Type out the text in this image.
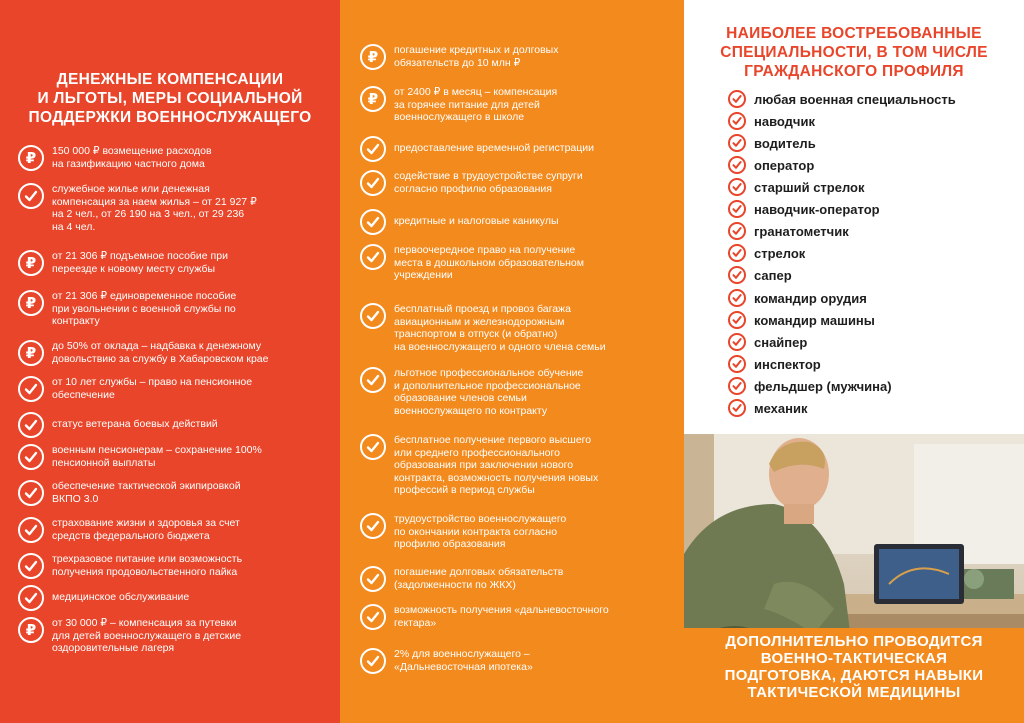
ДЕНЕЖНЫЕ КОМПЕНСАЦИИ
И ЛЬГОТЫ, МЕРЫ СОЦИАЛЬНОЙ
ПОДДЕРЖКИ ВОЕННОСЛУЖАЩЕГО
₽	150 000 ₽ возмещение расходов
на газификацию частного дома
служебное жилье или денежная
компенсация за наем жилья – от 21 927 ₽
на 2 чел., от 26 190 на 3 чел., от 29 236
на 4 чел.
₽	от 21 306 ₽ подъемное пособие при
переезде к новому месту службы
₽	от 21 306 ₽ единовременное пособие
при увольнении с военной службы по
контракту
₽	до 50% от оклада – надбавка к денежному
довольствию за службу в Хабаровском крае
от 10 лет службы – право на пенсионное
обеспечение
статус ветерана боевых действий
военным пенсионерам – сохранение 100%
пенсионной выплаты
обеспечение тактической экипировкой
ВКПО 3.0
страхование жизни и здоровья за счет
средств федерального бюджета
трехразовое питание или возможность
получения продовольственного пайка
медицинское обслуживание
₽	от 30 000 ₽ – компенсация за путевки
для детей военнослужащего в детские
оздоровительные лагеря
₽	погашение кредитных и долговых
обязательств до 10 млн ₽
₽	от 2400 ₽ в месяц – компенсация
за горячее питание для детей
военнослужащего в школе
предоставление временной регистрации
содействие в трудоустройстве супруги
согласно профилю образования
кредитные и налоговые каникулы
первоочередное право на получение
места в дошкольном образовательном
учреждении
бесплатный проезд и провоз багажа
авиационным и железнодорожным
транспортом в отпуск (и обратно)
на военнослужащего и одного члена семьи
льготное профессиональное обучение
и дополнительное профессиональное
образование членов семьи
военнослужащего по контракту
бесплатное получение первого высшего
или среднего профессионального
образования при заключении нового
контракта, возможность получения новых
профессий в период службы
трудоустройство военнослужащего
по окончании контракта согласно
профилю образования
погашение долговых обязательств
(задолженности по ЖКХ)
возможность получения «дальневосточного
гектара»
2% для военнослужащего –
«Дальневосточная ипотека»
НАИБОЛЕЕ ВОСТРЕБОВАННЫЕ
СПЕЦИАЛЬНОСТИ, В ТОМ ЧИСЛЕ
ГРАЖДАНСКОГО ПРОФИЛЯ
любая военная специальность
наводчик
водитель
оператор
старший стрелок
наводчик-оператор
гранатометчик
стрелок
сапер
командир орудия
командир машины
снайпер
инспектор
фельдшер (мужчина)
механик
ДОПОЛНИТЕЛЬНО ПРОВОДИТСЯ
ВОЕННО-ТАКТИЧЕСКАЯ
ПОДГОТОВКА, ДАЮТСЯ НАВЫКИ
ТАКТИЧЕСКОЙ МЕДИЦИНЫ
